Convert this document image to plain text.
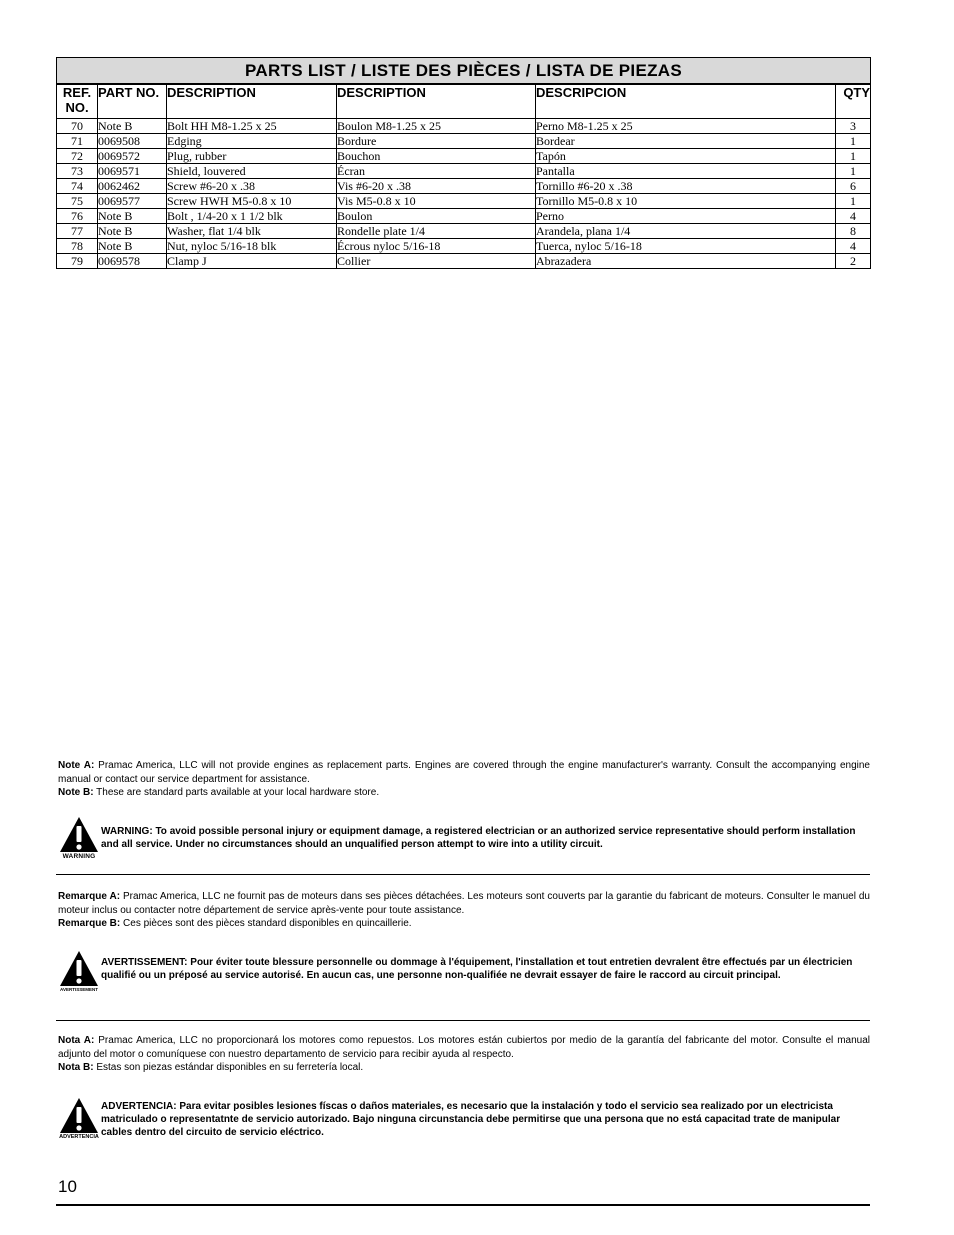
PARTS LIST / LISTE DES PIÈCES / LISTA DE PIEZAS					
REF. NO.	PART NO.	DESCRIPTION	DESCRIPTION	DESCRIPCION	QTY
70	Note B	Bolt HH M8-1.25 x 25	Boulon M8-1.25 x 25	Perno M8-1.25 x 25	3
71	0069508	Edging	Bordure	Bordear	1
72	0069572	Plug, rubber	Bouchon	Tapón	1
73	0069571	Shield, louvered	Écran	Pantalla	1
74	0062462	Screw #6-20 x .38	Vis #6-20 x .38	Tornillo #6-20 x .38	6
75	0069577	Screw HWH M5-0.8 x 10	Vis M5-0.8 x 10	Tornillo M5-0.8 x 10	1
76	Note B	Bolt , 1/4-20 x 1 1/2 blk	Boulon	Perno	4
77	Note B	Washer, flat 1/4 blk	Rondelle plate 1/4	Arandela, plana 1/4	8
78	Note B	Nut, nyloc 5/16-18 blk	Écrous nyloc 5/16-18	Tuerca, nyloc 5/16-18	4
79	0069578	Clamp J	Collier	Abrazadera	2

Note A: Pramac America, LLC will not provide engines as replacement parts. Engines are covered through the engine manufacturer's warranty. Consult the accompanying engine manual or contact our service department for assistance.

Note B: These are standard parts available at your local hardware store.

WARNING
WARNING: To avoid possible personal injury or equipment damage, a registered electrician or an authorized service representative should perform installation and all service. Under no circumstances should an unqualified person attempt to wire into a utility circuit.

Remarque A: Pramac America, LLC ne fournit pas de moteurs dans ses pièces détachées. Les moteurs sont couverts par la garantie du fabricant de moteurs. Consulter le manuel du moteur inclus ou contacter notre département de service après-vente pour toute assistance.

Remarque B: Ces pièces sont des pièces standard disponibles en quincaillerie.

AVERTISSEMENT
AVERTISSEMENT: Pour éviter toute blessure personnelle ou dommage à l'équipement, l'installation et tout entretien devralent être effectués par un électricien qualifié ou un préposé au service autorisé. En aucun cas, une personne non-qualifiée ne devrait essayer de faire le raccord au circuit principal.

Nota A: Pramac America, LLC no proporcionará los motores como repuestos. Los motores están cubiertos por medio de la garantía del fabricante del motor. Consulte el manual adjunto del motor o comuníquese con nuestro departamento de servicio para recibir ayuda al respecto.

Nota B: Estas son piezas estándar disponibles en su ferretería local.

ADVERTENCIA
ADVERTENCIA: Para evitar posibles lesiones físcas o daños materiales, es necesario que la instalación y todo el servicio sea realizado por un electricista matriculado o representatnte de servicio autorizado. Bajo ninguna circunstancia debe permitirse que una persona que no está capacitad trate de manipular cables dentro del circuito de servicio eléctrico.
10
